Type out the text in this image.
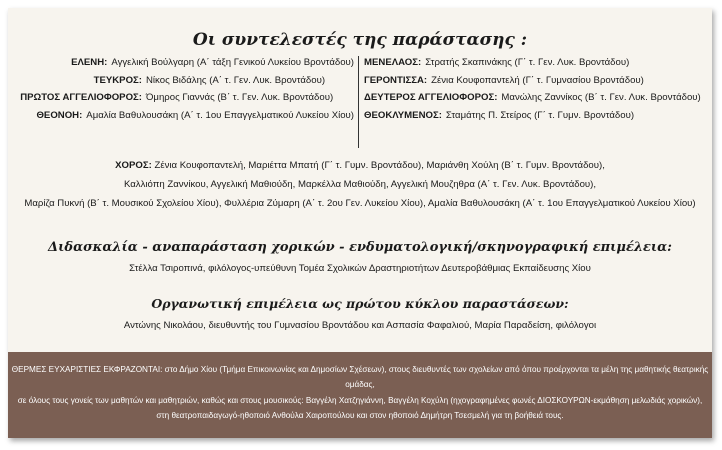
Οι συντελεστές της παράστασης :
ΕΛΕΝΗ: Αγγελική Βούλγαρη (Α΄ τάξη Γενικού Λυκείου Βροντάδου)
ΤΕΥΚΡΟΣ: Νίκος Βιδάλης (Α΄ τ. Γεν. Λυκ. Βροντάδου)
ΠΡΩΤΟΣ ΑΓΓΕΛΙΟΦΟΡΟΣ: Όμηρος Γιαννάς (Β΄ τ. Γεν. Λυκ. Βροντάδου)
ΘΕΟΝΟΗ: Αμαλία Βαθυλουσάκη (Α΄ τ. 1ου Επαγγελματικού Λυκείου Χίου)
ΜΕΝΕΛΑΟΣ: Στρατής Σκαπινάκης (Γ΄ τ. Γεν. Λυκ. Βροντάδου)
ΓΕΡΟΝΤΙΣΣΑ: Ζένια Κουφοπαντελή (Γ΄ τ. Γυμνασίου Βροντάδου)
ΔΕΥΤΕΡΟΣ ΑΓΓΕΛΙΟΦΟΡΟΣ: Μανώλης Ζαννίκος (Β΄ τ. Γεν. Λυκ. Βροντάδου)
ΘΕΟΚΛΥΜΕΝΟΣ: Σταμάτης Π. Στείρος (Γ΄ τ. Γυμν. Βροντάδου)
ΧΟΡΟΣ: Ζένια Κουφοπαντελή, Μαριέττα Μπατή (Γ΄ τ. Γυμν. Βροντάδου), Μαριάνθη Χούλη (Β΄ τ. Γυμν. Βροντάδου),
Καλλιόπη Ζαννίκου, Αγγελική Μαθιούδη, Μαρκέλλα Μαθιούδη, Αγγελική Μουζηθρα (Α΄ τ. Γεν. Λυκ. Βροντάδου),
Μαρίζα Πυκνή (Β΄ τ. Μουσικού Σχολείου Χίου), Φυλλέρια Ζύμαρη (Α΄ τ. 2ου Γεν. Λυκείου Χίου), Αμαλία Βαθυλουσάκη (Α΄ τ. 1ου Επαγγελματικού Λυκείου Χίου)
Διδασκαλία - αναπαράσταση χορικών - ενδυματολογική/σκηνογραφική επιμέλεια:
Στέλλα Τσιροπινά, φιλόλογος-υπεύθυνη Τομέα Σχολικών Δραστηριοτήτων Δευτεροβάθμιας Εκπαίδευσης Χίου
Οργανωτική επιμέλεια ως πρώτου κύκλου παραστάσεων:
Αντώνης Νικολάου, διευθυντής του Γυμνασίου Βροντάδου και Ασπασία Φαφαλιού, Μαρία Παραδείση, φιλόλογοι
ΘΕΡΜΕΣ ΕΥΧΑΡΙΣΤΙΕΣ ΕΚΦΡΑΖΟΝΤΑΙ: στο Δήμο Χίου (Τμήμα Επικοινωνίας και Δημοσίων Σχέσεων), στους διευθυντές των σχολείων από όπου προέρχονται τα μέλη της μαθητικής θεατρικής ομάδας,
σε όλους τους γονείς των μαθητών και μαθητριών, καθώς και στους μουσικούς: Βαγγέλη Χατζηγιάννη, Βαγγέλη Κοχύλη (ηχογραφημένες φωνές ΔΙΟΣΚΟΥΡΩΝ-εκμάθηση μελωδιάς χορικών),
στη θεατροπαιδαγωγό-ηθοποιό Ανθούλα Χαιροπούλου και στον ηθοποιό Δημήτρη Τσεσμελή για τη βοήθειά τους.
